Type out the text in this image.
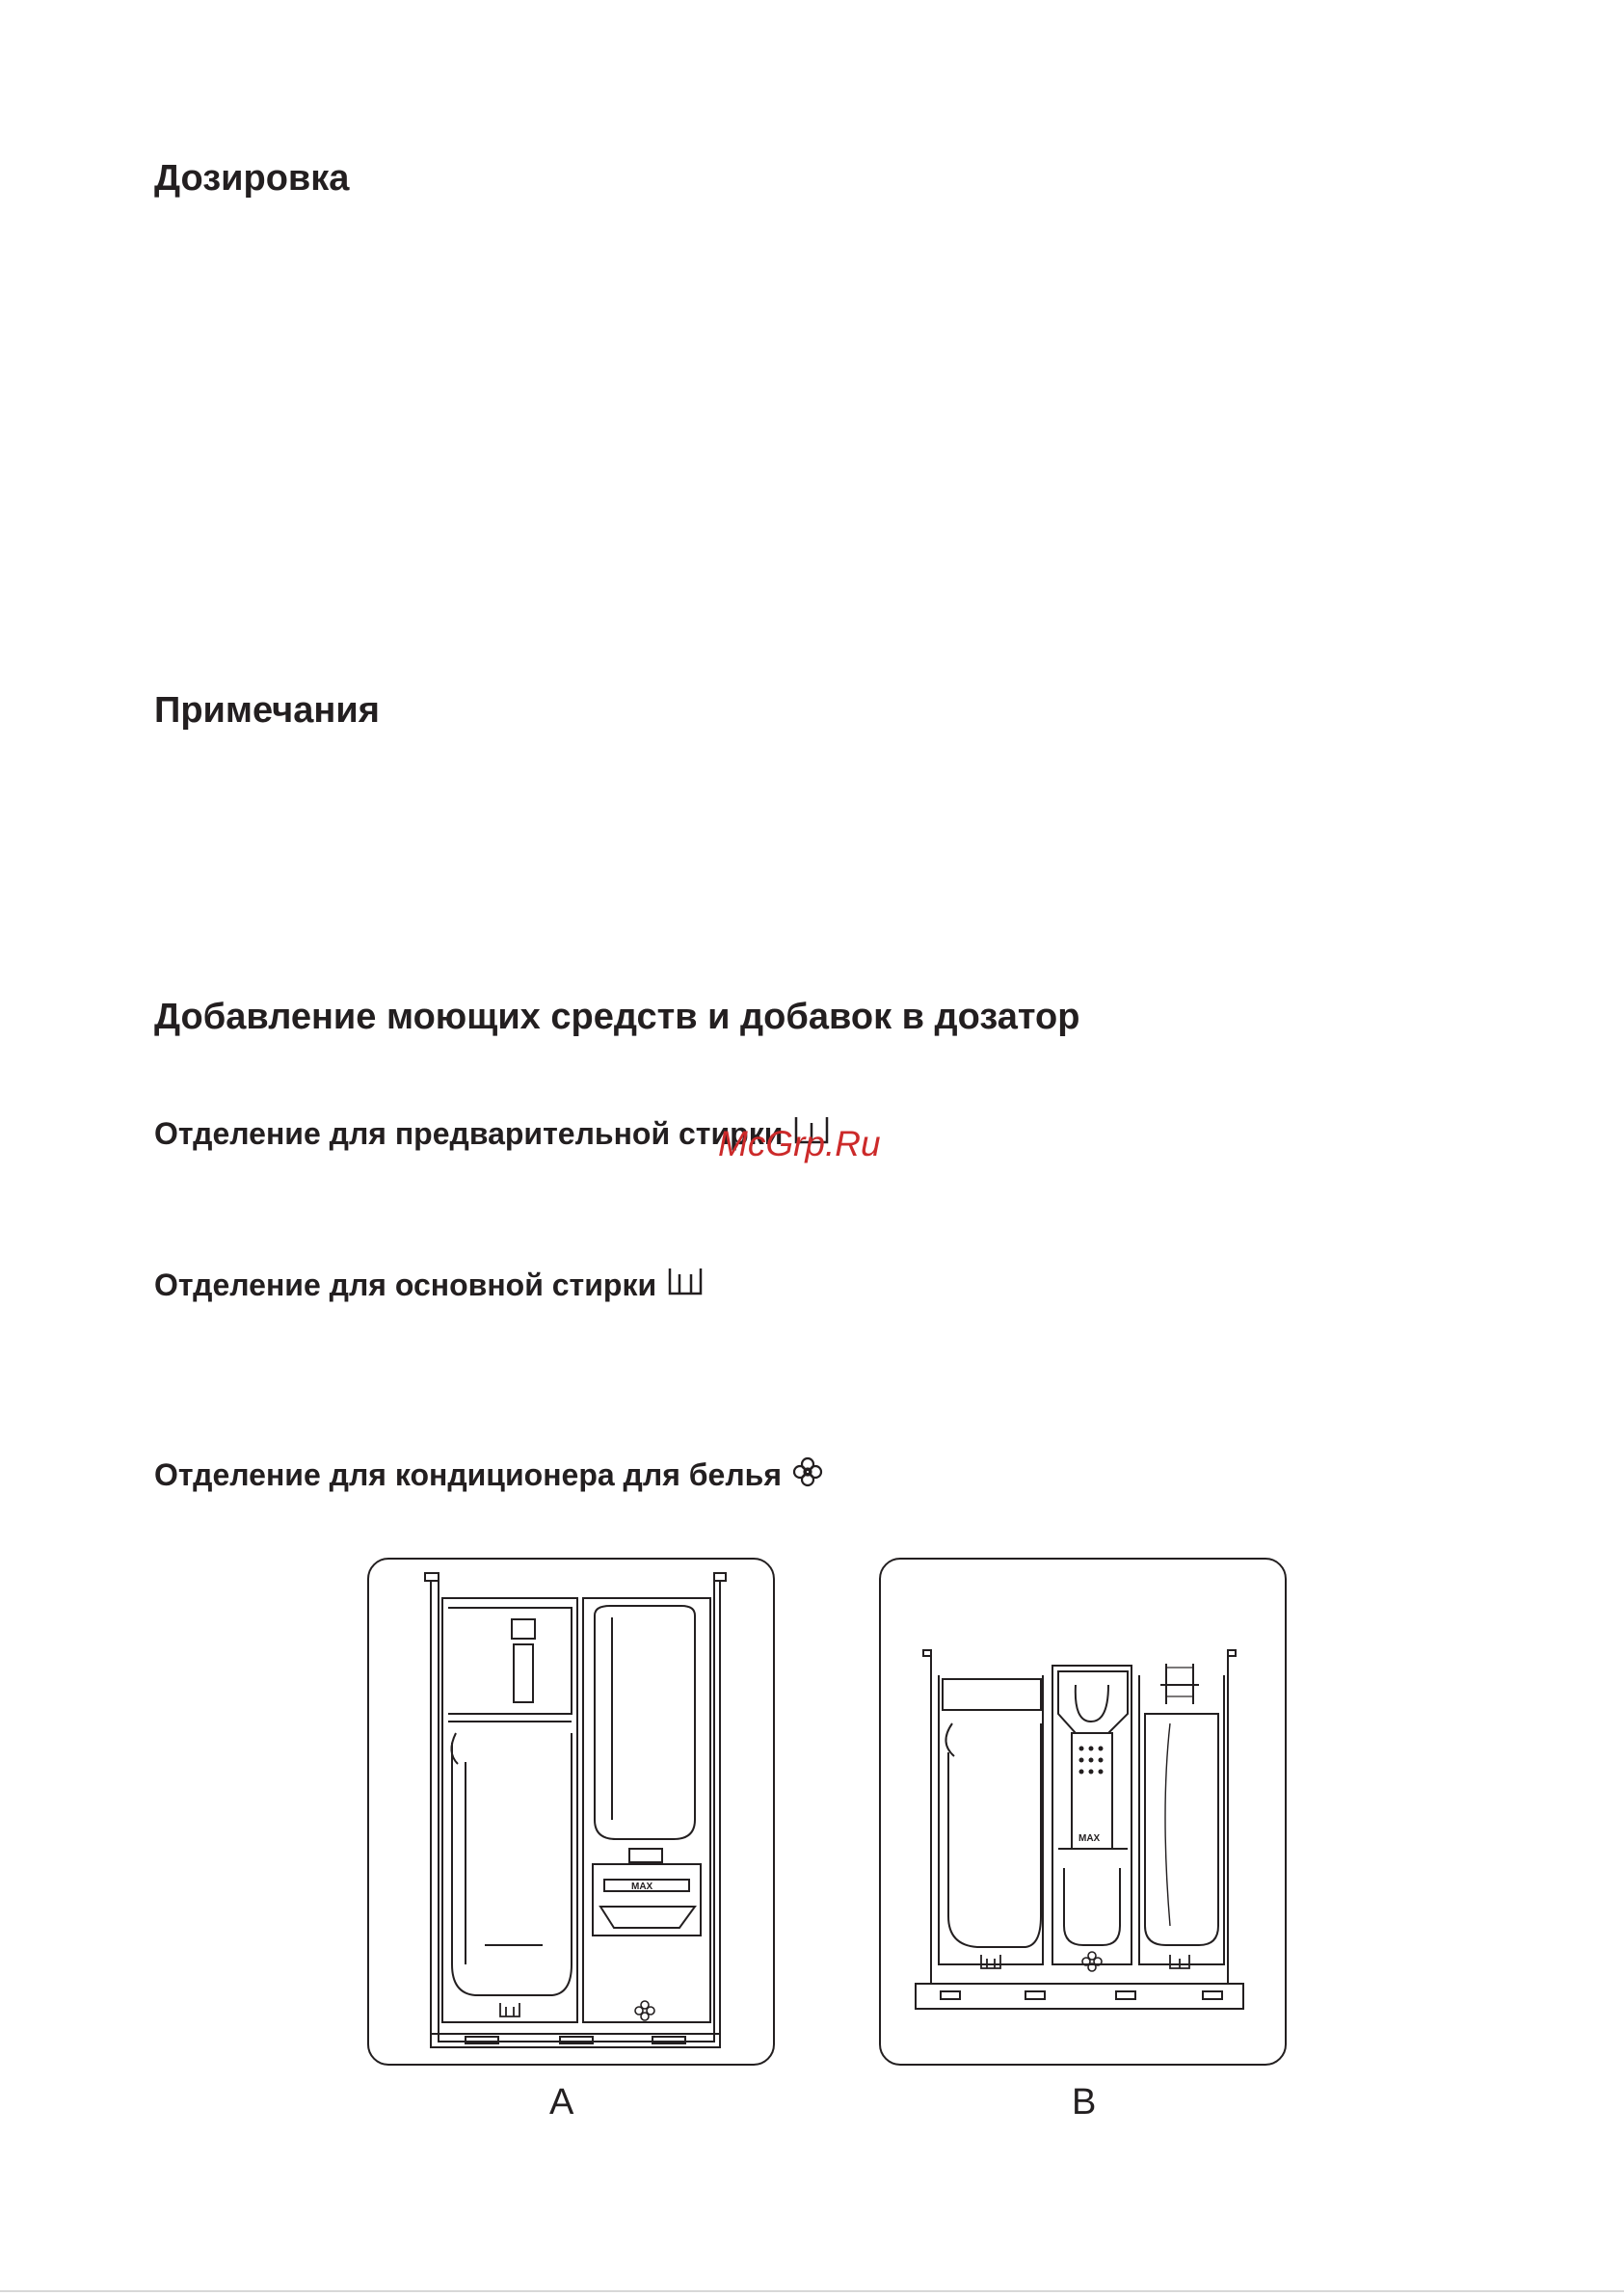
Дозировка
Примечания
Добавление моющих средств и добавок в дозатор
Отделение для предварительной стирки
McGrp.Ru
Отделение для основной стирки
Отделение для кондиционера для белья
MAX
A
MAX
B
